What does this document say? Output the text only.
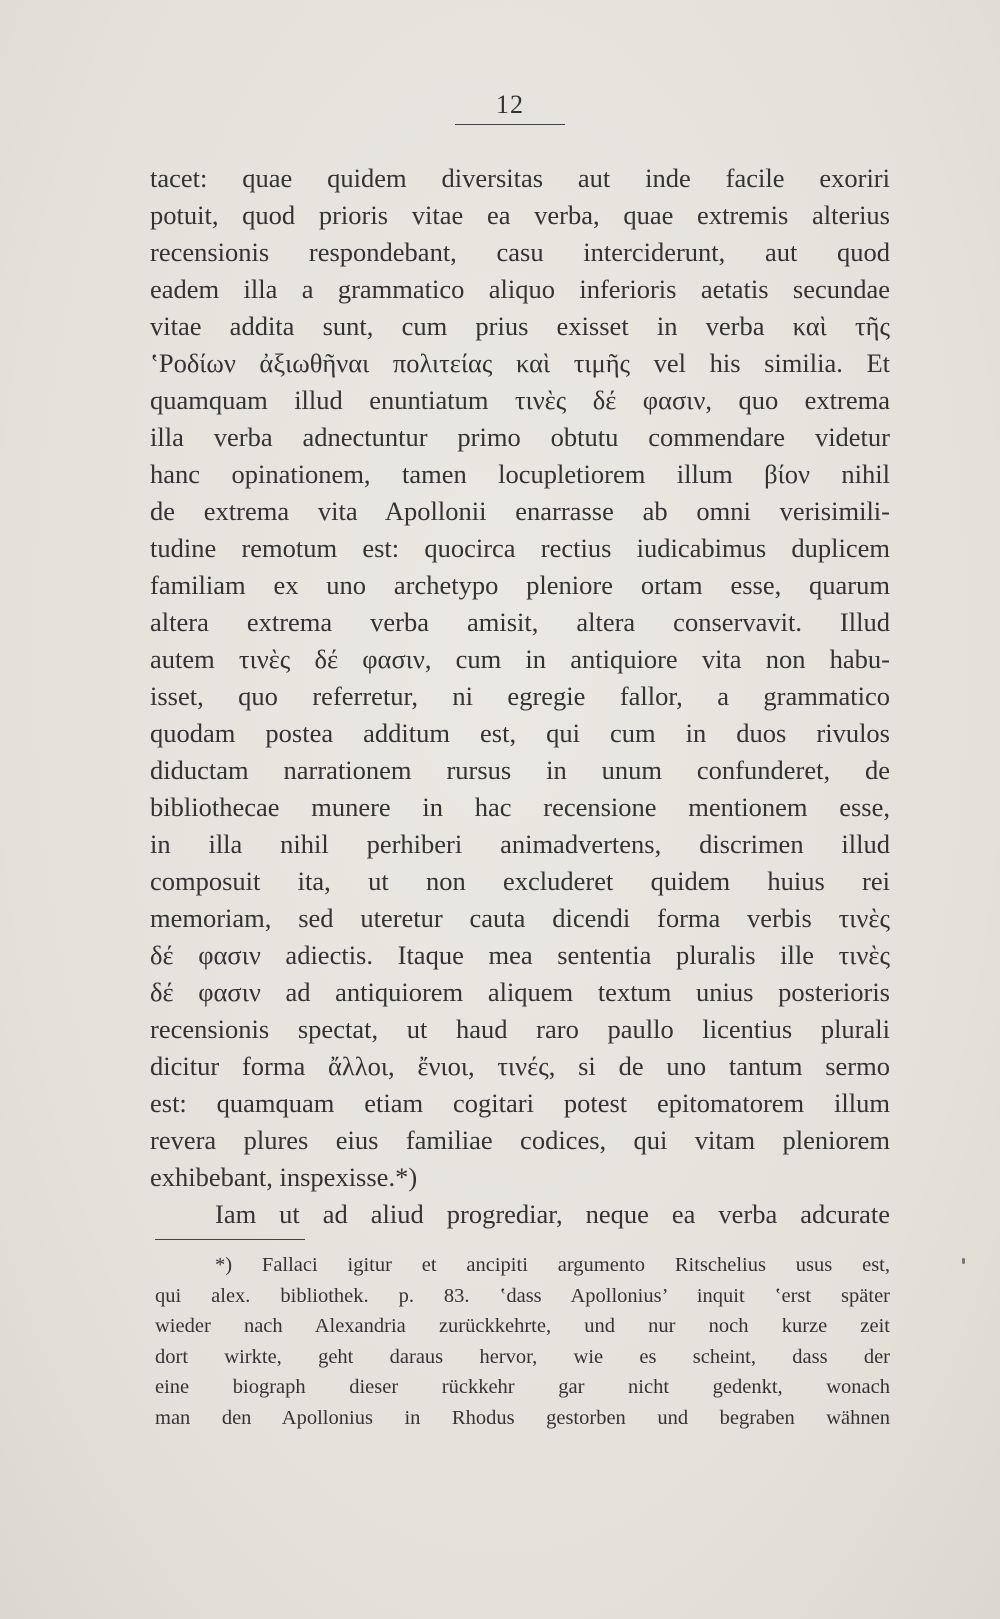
12
tacet: quae quidem diversitas aut inde facile exoriri
potuit, quod prioris vitae ea verba, quae extremis alterius
recensionis respondebant, casu interciderunt, aut quod
eadem illa a grammatico aliquo inferioris aetatis secundae
vitae addita sunt, cum prius exisset in verba καὶ τῆς
ʽΡοδίων ἀξιωθῆναι πολιτείας καὶ τιμῆς vel his similia. Et
quamquam illud enuntiatum τινὲς δέ φασιν, quo extrema
illa verba adnectuntur primo obtutu commendare videtur
hanc opinationem, tamen locupletiorem illum βίον nihil
de extrema vita Apollonii enarrasse ab omni verisimili-
tudine remotum est: quocirca rectius iudicabimus duplicem
familiam ex uno archetypo pleniore ortam esse, quarum
altera extrema verba amisit, altera conservavit. Illud
autem τινὲς δέ φασιν, cum in antiquiore vita non habu-
isset, quo referretur, ni egregie fallor, a grammatico
quodam postea additum est, qui cum in duos rivulos
diductam narrationem rursus in unum confunderet, de
bibliothecae munere in hac recensione mentionem esse,
in illa nihil perhiberi animadvertens, discrimen illud
composuit ita, ut non excluderet quidem huius rei
memoriam, sed uteretur cauta dicendi forma verbis τινὲς
δέ φασιν adiectis. Itaque mea sententia pluralis ille τινὲς
δέ φασιν ad antiquiorem aliquem textum unius posterioris
recensionis spectat, ut haud raro paullo licentius plurali
dicitur forma ἄλλοι, ἔνιοι, τινές, si de uno tantum sermo
est: quamquam etiam cogitari potest epitomatorem illum
revera plures eius familiae codices, qui vitam pleniorem
exhibebant, inspexisse.*)
Iam ut ad aliud progrediar, neque ea verba adcurate
*) Fallaci igitur et ancipiti argumento Ritschelius usus est,
qui alex. bibliothek. p. 83. ʽdass Apollonius’ inquit ʽerst später
wieder nach Alexandria zurückkehrte, und nur noch kurze zeit
dort wirkte, geht daraus hervor, wie es scheint, dass der
eine biograph dieser rückkehr gar nicht gedenkt, wonach
man den Apollonius in Rhodus gestorben und begraben wähnen
